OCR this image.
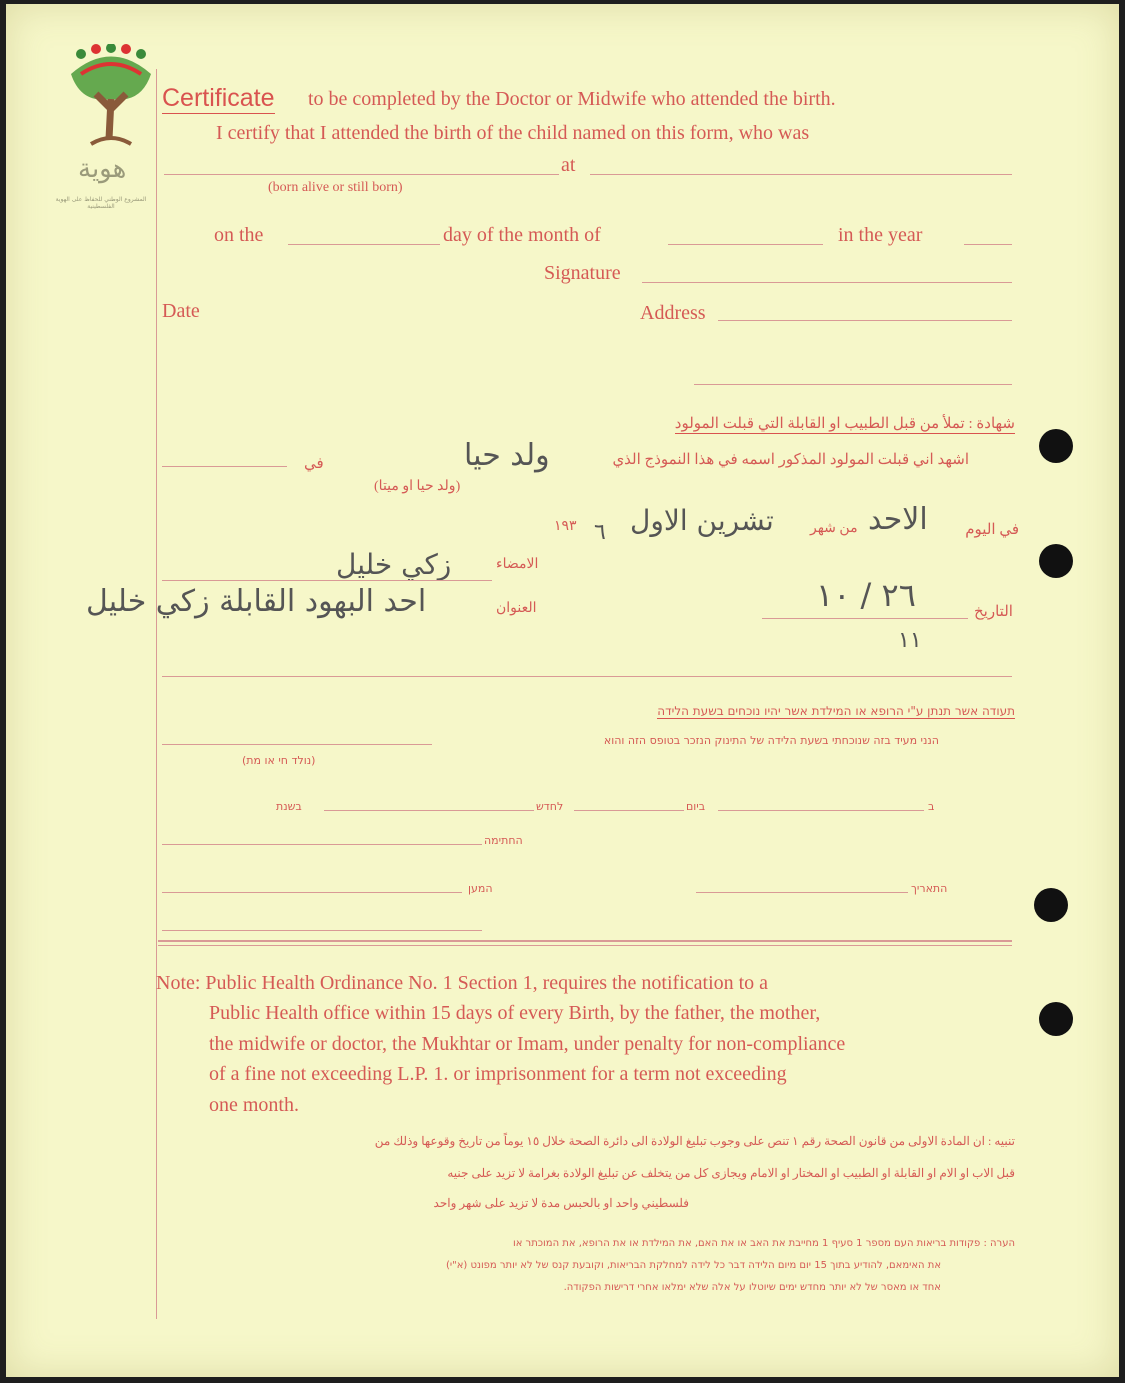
هوية
المشروع الوطني للحفاظ على الهوية الفلسطينية
Certificate to be completed by the Doctor or Midwife who attended the birth.
I certify that I attended the birth of the child named on this form, who was
at
(born alive or still born)
on the	day of the month of	in the year
Signature
Date	Address
شهادة : تملأ من قبل الطبيب او القابلة التي قبلت المولود
اشهد اني قبلت المولود المذكور اسمه في هذا النموذج الذي
في
(ولد حيا او ميتا)
ولد حيا
في اليوم
الاحد
من شهر
تشرين الاول
٦
١٩٣
الامضاء
زكي خليل
العنوان
احد البهود القابلة زكي خليل	التاريخ
٢٦ / ١٠
١١
תעודה אשר תנתן ע"י הרופא או המילדת אשר יהיו נוכחים בשעת הלידה
הנני מעיד בזה שנוכחתי בשעת הלידה של התינוק הנזכר בטופס הזה והוא
(נולד חי או מת)
ב
ביום
לחדש
בשנת
החתימה
המען	התאריך
Note: Public Health Ordinance No. 1 Section 1, requires the notification to a
Public Health office within 15 days of every Birth, by the father, the mother,
the midwife or doctor, the Mukhtar or Imam, under penalty for non-compliance
of a fine not exceeding L.P. 1. or imprisonment for a term not exceeding
one month.
تنبيه : ان المادة الاولى من قانون الصحة رقم ١ تنص على وجوب تبليغ الولادة الى دائرة الصحة خلال ١٥ يوماً من تاريخ وقوعها وذلك من
قبل الاب او الام او القابلة او الطبيب او المختار او الامام ويجازى كل من يتخلف عن تبليغ الولادة بغرامة لا تزيد على جنيه
فلسطيني واحد او بالحبس مدة لا تزيد على شهر واحد
הערה : פקודות בריאות העם מספר 1 סעיף 1 מחייבת את האב או את האם, את המילדת או את הרופא, את המוכתר או
את האימאם, להודיע בתוך 15 יום מיום הלידה דבר כל לידה למחלקת הבריאות, וקובעת קנס של לא יותר מפונט (א"י)
אחד או מאסר של לא יותר מחדש ימים שיוטלו על אלה שלא ימלאו אחרי דרישות הפקודה.
